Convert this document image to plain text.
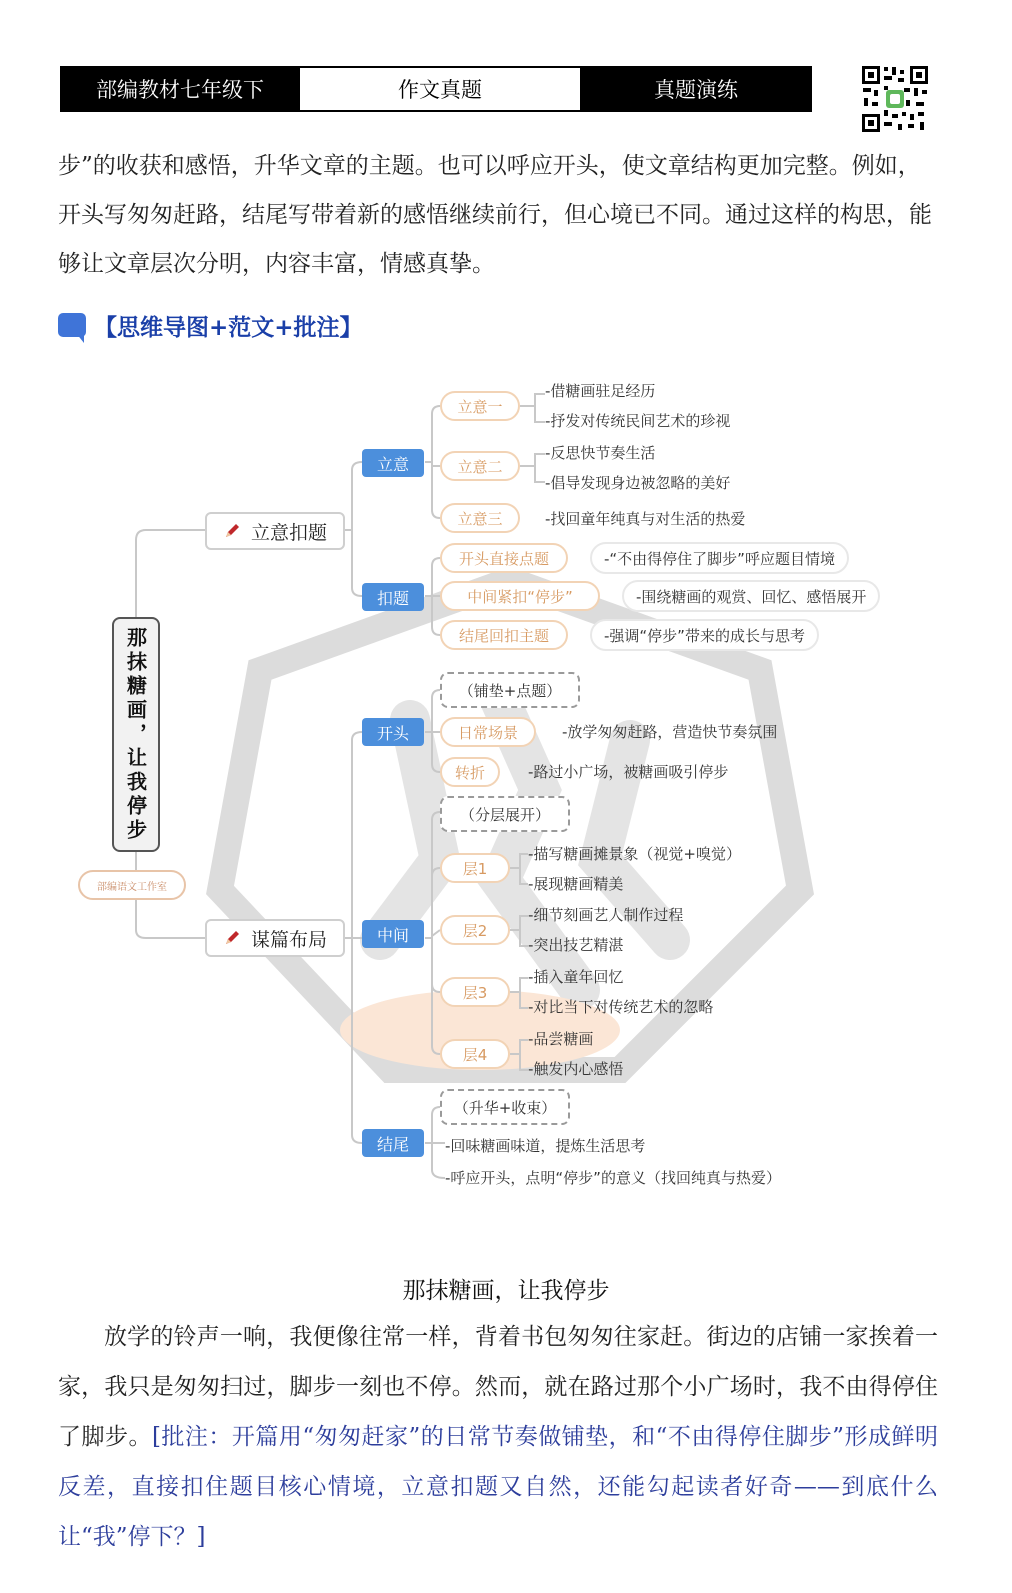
部编教材七年级下	作文真题	真题演练

步”的收获和感悟，升华文章的主题。也可以呼应开头，使文章结构更加完整。例如，开头写匆匆赶路，结尾写带着新的感悟继续前行，但心境已不同。通过这样的构思，能够让文章层次分明，内容丰富，情感真挚。

【思维导图+范文+批注】
那抹糖画，让我停步
部编语文工作室
立意扣题
谋篇布局
立意
扣题
立意一
-借糖画驻足经历
-抒发对传统民间艺术的珍视
立意二
-反思快节奏生活
-倡导发现身边被忽略的美好
立意三	-找回童年纯真与对生活的热爱
开头直接点题	-“不由得停住了脚步”呼应题目情境
中间紧扣“停步”	-围绕糖画的观赏、回忆、感悟展开
结尾回扣主题	-强调“停步”带来的成长与思考
开头
（铺垫+点题）
日常场景	-放学匆匆赶路，营造快节奏氛围
转折	-路过小广场，被糖画吸引停步
中间
（分层展开）
层1
-描写糖画摊景象（视觉+嗅觉）
-展现糖画精美
层2
-细节刻画艺人制作过程
-突出技艺精湛
层3
-插入童年回忆
-对比当下对传统艺术的忽略
层4
-品尝糖画
-触发内心感悟
结尾
（升华+收束）
-回味糖画味道，提炼生活思考
-呼应开头，点明“停步”的意义（找回纯真与热爱）
那抹糖画，让我停步

放学的铃声一响，我便像往常一样，背着书包匆匆往家赶。街边的店铺一家挨着一家，我只是匆匆扫过，脚步一刻也不停。然而，就在路过那个小广场时，我不由得停住了脚步。[批注：开篇用“匆匆赶家”的日常节奏做铺垫，和“不由得停住脚步”形成鲜明反差，直接扣住题目核心情境，立意扣题又自然，还能勾起读者好奇——到底什么让“我”停下？]
